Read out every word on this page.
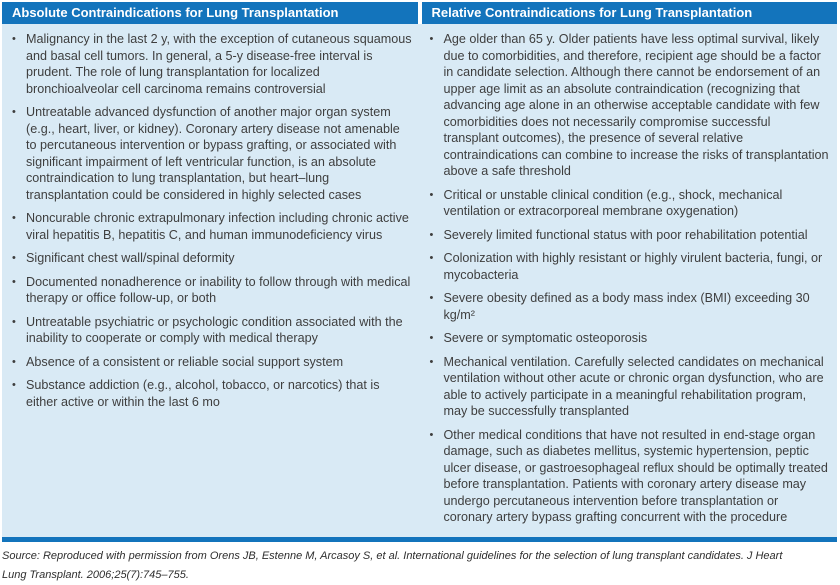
Absolute Contraindications for Lung Transplantation	Relative Contraindications for Lung Transplantation
• Malignancy in the last 2 y, with the exception of cutaneous squamous and basal cell tumors. In general, a 5-y disease-free interval is prudent. The role of lung transplantation for localized bronchioalveolar cell carcinoma remains controversial
• Untreatable advanced dysfunction of another major organ system (e.g., heart, liver, or kidney). Coronary artery disease not amenable to percutaneous intervention or bypass grafting, or associated with significant impairment of left ventricular function, is an absolute contraindication to lung transplantation, but heart–lung transplantation could be considered in highly selected cases
• Noncurable chronic extrapulmonary infection including chronic active viral hepatitis B, hepatitis C, and human immunodeficiency virus
• Significant chest wall/spinal deformity
• Documented nonadherence or inability to follow through with medical therapy or office follow-up, or both
• Untreatable psychiatric or psychologic condition associated with the inability to cooperate or comply with medical therapy
• Absence of a consistent or reliable social support system
• Substance addiction (e.g., alcohol, tobacco, or narcotics) that is either active or within the last 6 mo
• Age older than 65 y. Older patients have less optimal survival, likely due to comorbidities, and therefore, recipient age should be a factor in candidate selection. Although there cannot be endorsement of an upper age limit as an absolute contraindication (recognizing that advancing age alone in an otherwise acceptable candidate with few comorbidities does not necessarily compromise successful transplant outcomes), the presence of several relative contraindications can combine to increase the risks of transplantation above a safe threshold
• Critical or unstable clinical condition (e.g., shock, mechanical ventilation or extracorporeal membrane oxygenation)
• Severely limited functional status with poor rehabilitation potential
• Colonization with highly resistant or highly virulent bacteria, fungi, or mycobacteria
• Severe obesity defined as a body mass index (BMI) exceeding 30 kg/m²
• Severe or symptomatic osteoporosis
• Mechanical ventilation. Carefully selected candidates on mechanical ventilation without other acute or chronic organ dysfunction, who are able to actively participate in a meaningful rehabilitation program, may be successfully transplanted
• Other medical conditions that have not resulted in end-stage organ damage, such as diabetes mellitus, systemic hypertension, peptic ulcer disease, or gastroesophageal reflux should be optimally treated before transplantation. Patients with coronary artery disease may undergo percutaneous intervention before transplantation or coronary artery bypass grafting concurrent with the procedure
Source: Reproduced with permission from Orens JB, Estenne M, Arcasoy S, et al. International guidelines for the selection of lung transplant candidates. J Heart Lung Transplant. 2006;25(7):745–755.
